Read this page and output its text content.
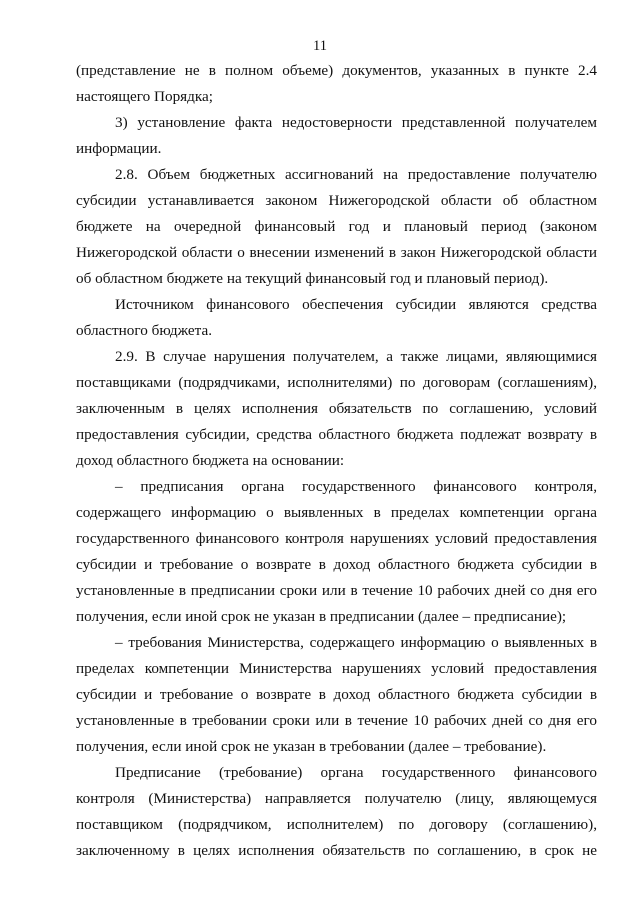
11

(представление не в полном объеме) документов, указанных в пункте 2.4 настоящего Порядка;

3) установление факта недостоверности представленной получателем информации.

2.8. Объем бюджетных ассигнований на предоставление получателю субсидии устанавливается законом Нижегородской области об областном бюджете на очередной финансовый год и плановый период (законом Нижегородской области о внесении изменений в закон Нижегородской области об областном бюджете на текущий финансовый год и плановый период).

Источником финансового обеспечения субсидии являются средства областного бюджета.

2.9. В случае нарушения получателем, а также лицами, являющимися поставщиками (подрядчиками, исполнителями) по договорам (соглашениям), заключенным в целях исполнения обязательств по соглашению, условий предоставления субсидии, средства областного бюджета подлежат возврату в доход областного бюджета на основании:

– предписания органа государственного финансового контроля, содержащего информацию о выявленных в пределах компетенции органа государственного финансового контроля нарушениях условий предоставления субсидии и требование о возврате в доход областного бюджета субсидии в установленные в предписании сроки или в течение 10 рабочих дней со дня его получения, если иной срок не указан в предписании (далее – предписание);

– требования Министерства, содержащего информацию о выявленных в пределах компетенции Министерства нарушениях условий предоставления субсидии и требование о возврате в доход областного бюджета субсидии в установленные в требовании сроки или в течение 10 рабочих дней со дня его получения, если иной срок не указан в требовании (далее – требование).

Предписание (требование) органа государственного финансового контроля (Министерства) направляется получателю (лицу, являющемуся поставщиком (подрядчиком, исполнителем) по договору (соглашению), заключенному в целях исполнения обязательств по соглашению, в срок не
